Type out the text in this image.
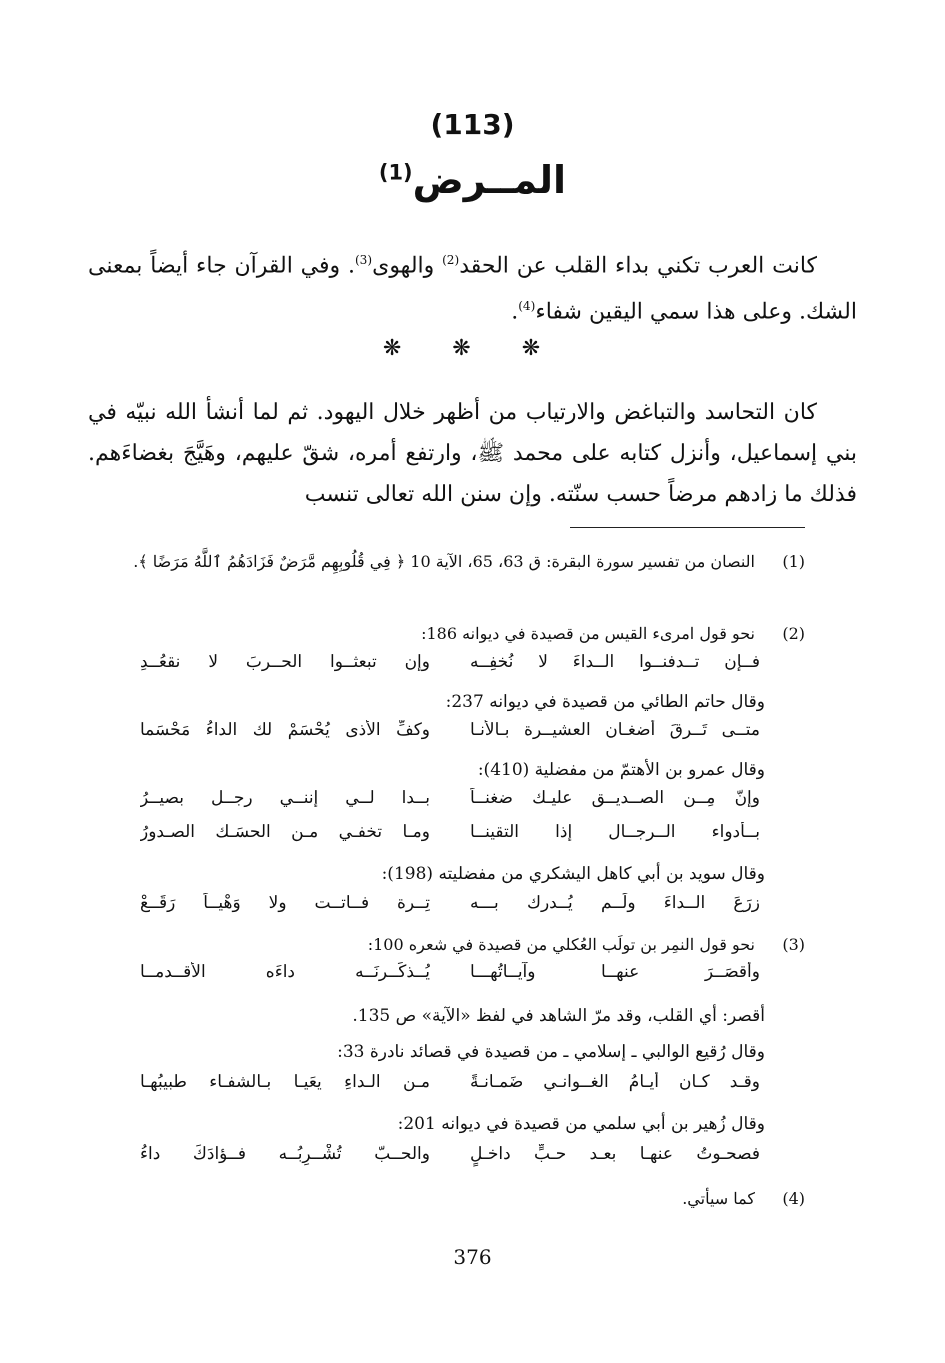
(113)
المــرض$^{(1)}$
كانت العرب تكني بداء القلب عن الحقد$^{(2)}$ والهوى$^{(3)}$. وفي القرآن جاء أيضاً بمعنى الشك. وعلى هذا سمي اليقين شفاء$^{(4)}$.
❋ ❋ ❋
كان التحاسد والتباغض والارتياب من أظهر خلال اليهود. ثم لما أنشأ الله نبيّه في بني إسماعيل، وأنزل كتابه على محمد ﷺ، وارتفع أمره، شقّ عليهم، وهَيَّجَ بغضاءَهم. فذلك ما زادهم مرضاً حسب سنّته. وإن سنن الله تعالى تنسب
(1)
النصان من تفسير سورة البقرة: ق 63، 65، الآية 10 ﴿ فِي قُلُوبِهِم مَّرَضٌ فَزَادَهُمُ ٱللَّهُ مَرَضًا ﴾.
(2)
نحو قول امرىء القيس من قصيدة في ديوانه 186:
فــإن تــدفنــوا الــداءَ لا نُخفِــه
وإن تبعثــوا الحــربَ لا نقعُــدِ
وقال حاتم الطائي من قصيدة في ديوانه 237:
متــى تَــرقَ أضغـان العشيــرة بـالأنـا
وكفِّ الأذى يُحْسَمْ لك الداءُ مَحْسَما
وقال عمرو بن الأهتمّ من مفضلية (410):
وإنّ مِــن الصــديــق عليـك ضغنــاً
بــدا لــي إننــي رجــل بصيــرُ
بــأدواء الــرجــال إذا التقينــا
ومـا تخفـي مـن الحسَـك الصـدورُ
وقال سويد بن أبي كاهل اليشكري من مفضليته (198):
زرَعَ الــداءَ ولَــم يُــدرك بـــه
تِــرة فــاتــت ولا وَهْيــاً رَقَــعْ
(3)
نحو قول النمِر بن تولَب العُكلي من قصيدة في شعره 100:
وأقصَــرَ عنهــا وآيــاتُهـــا
يُــذكِّــرنَــه داءَه الأقــدمــا
أقصر: أي القلب، وقد مرّ الشاهد في لفظ «الآية» ص 135.
وقال رُقيع الوالبي ـ إسلامي ـ من قصيدة في قصائد نادرة 33:
وقـد كـان أيـامُ الغــوانـي ضَمـانـةً
مـن الـداءِ يعَيـا بـالشفـاء طبيبُهـا
وقال زُهير بن أبي سلمي من قصيدة في ديوانه 201:
فصحـوتُ عنهـا بعـد حـبٍّ داخـلٍ
والحــبّ تُشْــرِبُــه فــؤادَكَ داءُ
(4)
كما سيأتي.
376
